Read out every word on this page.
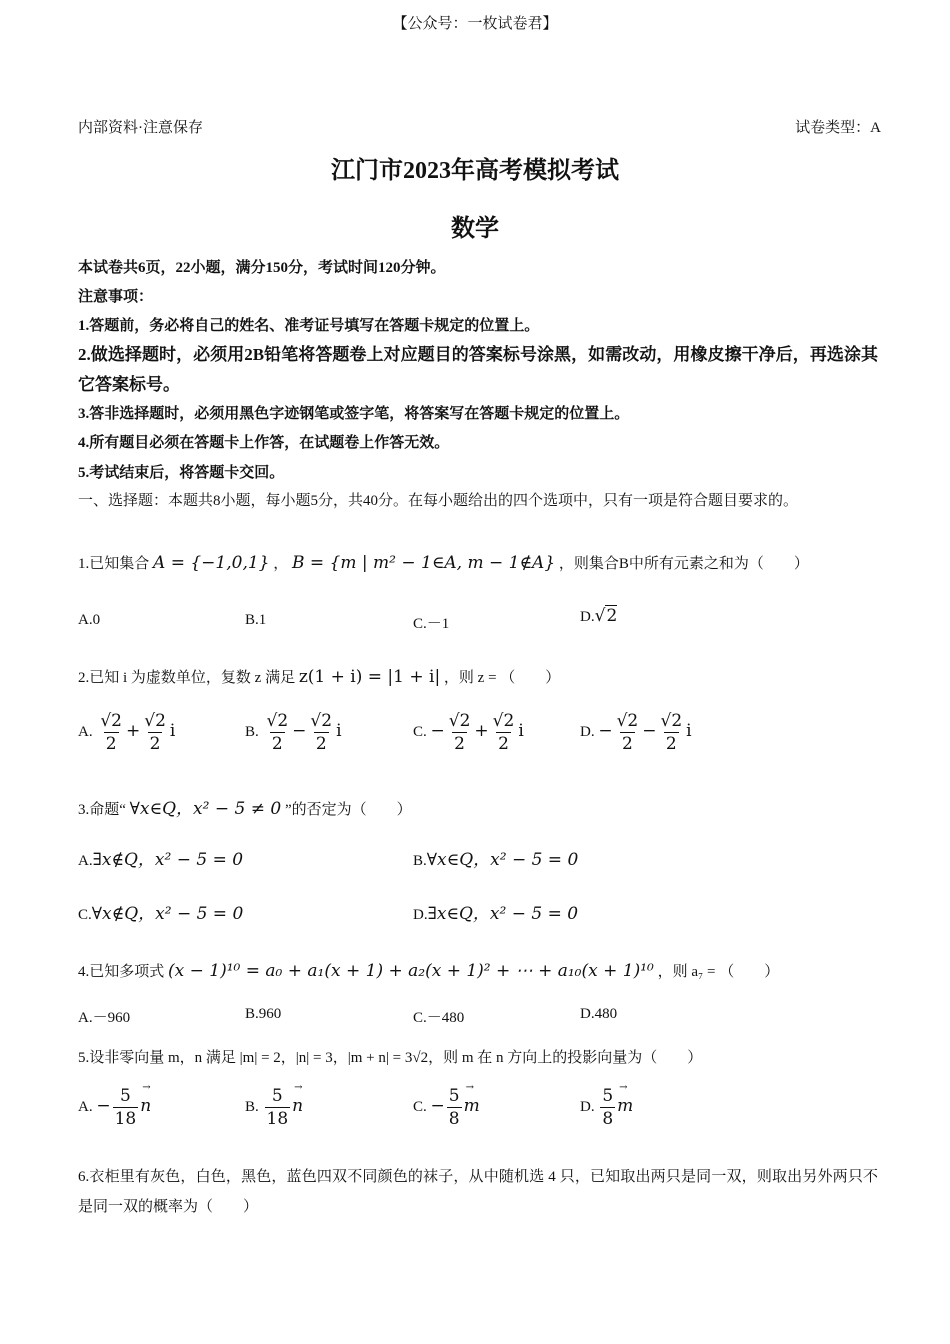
【公众号：一枚试卷君】
内部资料·注意保存	试卷类型：A
江门市2023年高考模拟考试
数学
本试卷共6页，22小题，满分150分，考试时间120分钟。
注意事项：
1.答题前，务必将自己的姓名、准考证号填写在答题卡规定的位置上。
2.做选择题时，必须用2B铅笔将答题卷上对应题目的答案标号涂黑，如需改动，用橡皮擦干净后，再选涂其它答案标号。
3.答非选择题时，必须用黑色字迹钢笔或签字笔，将答案写在答题卡规定的位置上。
4.所有题目必须在答题卡上作答，在试题卷上作答无效。
5.考试结束后，将答题卡交回。
一、选择题：本题共8小题，每小题5分，共40分。在每小题给出的四个选项中，只有一项是符合题目要求的。
1.已知集合 A = {−1,0,1} ， B = {m | m² − 1∈A, m − 1∉A} ，则集合B中所有元素之和为（　　）
A.0	B.1	C.－1	D.√2
2.已知 i 为虚数单位，复数 z 满足 z(1 + i) = |1 + i| ，则 z = （　　）
A. $\frac{√2}{2} + \frac{√2}{2}$ i	B. $\frac{√2}{2} - \frac{√2}{2}$ i	C. − $\frac{√2}{2} + \frac{√2}{2}$ i	D. − $\frac{√2}{2} - \frac{√2}{2}$ i
3.命题“ ∀x∈Q，x² − 5 ≠ 0 ”的否定为（　　）
A.∃x∉Q，x² − 5 = 0	B.∀x∈Q，x² − 5 = 0
C.∀x∉Q，x² − 5 = 0	D.∃x∈Q，x² − 5 = 0
4.已知多项式 (x − 1)¹⁰ = a₀ + a₁(x + 1) + a₂(x + 1)² + ⋯ + a₁₀(x + 1)¹⁰ ，则 a₇ = （　　）
A.－960	B.960	C.－480	D.480
5.设非零向量 m，n 满足 |m| = 2，|n| = 3，|m + n| = 3√2，则 m 在 n 方向上的投影向量为（　　）
A. − $\frac{5}{18}$
→ n	B. $\frac{5}{18}$
→ n	C. − $\frac{5}{8}$
→ m	D. $\frac{5}{8}$
→ m
6.衣柜里有灰色，白色，黑色，蓝色四双不同颜色的袜子，从中随机选 4 只，已知取出两只是同一双，则取出另外两只不是同一双的概率为（　　）
